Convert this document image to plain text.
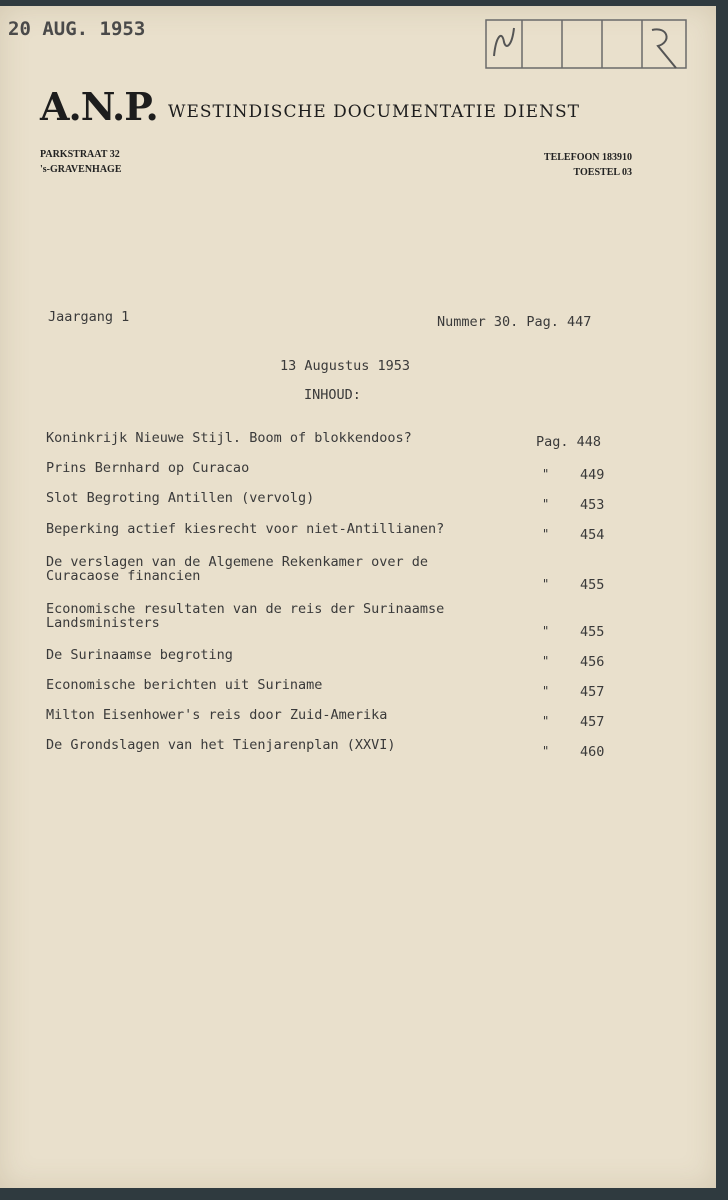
20 AUG. 1953
A.N.P. WESTINDISCHE DOCUMENTATIE DIENST
PARKSTRAAT 32
's-GRAVENHAGE
TELEFOON 183910
TOESTEL 03
Jaargang 1	Nummer 30. Pag. 447
13 Augustus 1953
INHOUD:
Koninkrijk Nieuwe Stijl. Boom of blokkendoos?	Pag. 448
Prins Bernhard op Curacao	" 449
Slot Begroting Antillen (vervolg)	" 453
Beperking actief kiesrecht voor niet-Antillianen?	" 454
De verslagen van de Algemene Rekenkamer over de
Curacaose financien	" 455
Economische resultaten van de reis der Surinaamse
Landsministers	" 455
De Surinaamse begroting	" 456
Economische berichten uit Suriname	" 457
Milton Eisenhower's reis door Zuid-Amerika	" 457
De Grondslagen van het Tienjarenplan (XXVI)	" 460
